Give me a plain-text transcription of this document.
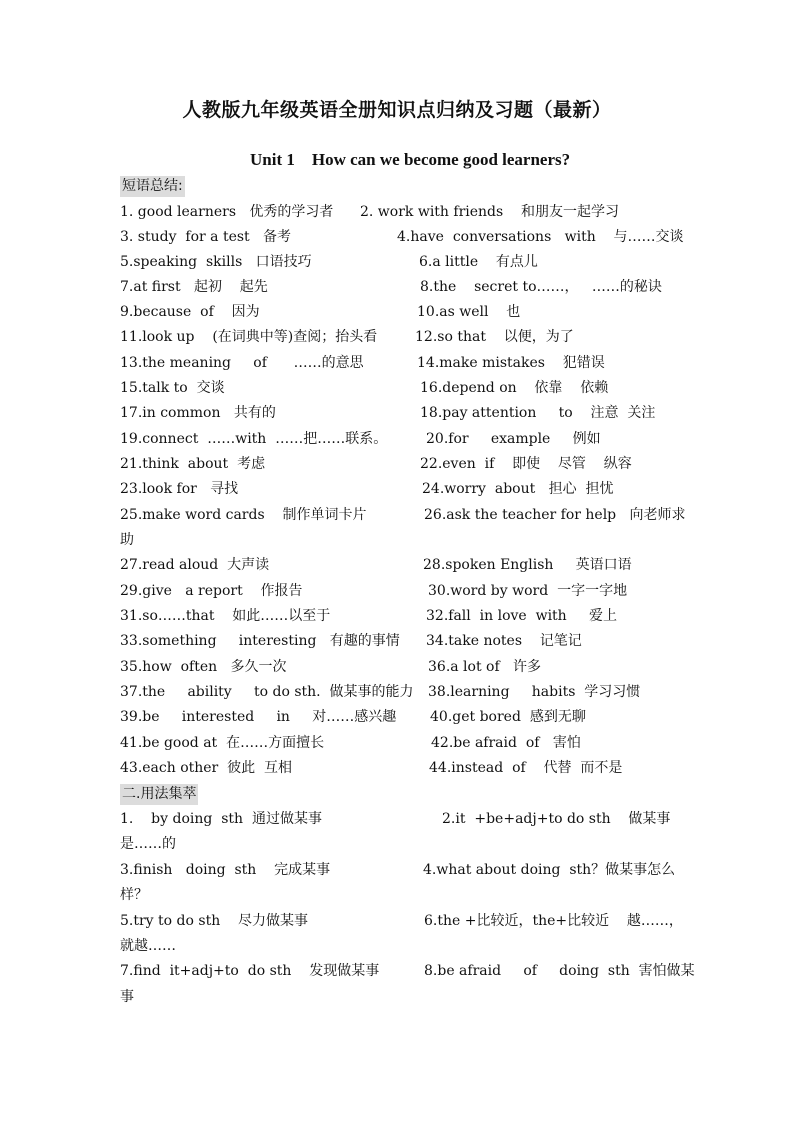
人教版九年级英语全册知识点归纳及习题（最新）
Unit 1    How can we become good learners?
短语总结:
1. good learners   优秀的学习者 2. work with friends    和朋友一起学习
3. study  for a test   备考	4.have  conversations   with    与……交谈
5.speaking  skills   口语技巧	6.a little    有点儿
7.at first   起初    起先	8.the    secret to……，   ……的秘诀
9.because  of    因为	10.as well    也
11.look up    (在词典中等)查阅；抬头看	12.so that    以便，为了
13.the meaning     of      ……的意思	14.make mistakes    犯错误
15.talk to  交谈	16.depend on    依靠    依赖
17.in common   共有的	18.pay attention     to    注意  关注
19.connect  ……with  ……把……联系。	20.for     example     例如
21.think  about  考虑	22.even  if    即使    尽管    纵容
23.look for   寻找	24.worry  about   担心  担忧
25.make word cards    制作单词卡片	26.ask the teacher for help   向老师求
助
27.read aloud  大声读	28.spoken English     英语口语
29.give   a report    作报告	30.word by word  一字一字地
31.so……that    如此……以至于	32.fall  in love  with     爱上
33.something     interesting   有趣的事情 34.take notes    记笔记
35.how  often   多久一次	36.a lot of   许多
37.the     ability     to do sth.  做某事的能力 38.learning     habits  学习习惯
39.be     interested     in     对……感兴趣 40.get bored  感到无聊
41.be good at  在……方面擅长	42.be afraid  of   害怕
43.each other  彼此  互相	44.instead  of    代替  而不是
二.用法集萃
1.    by doing  sth  通过做某事	2.it  +be+adj+to do sth    做某事
是……的
3.finish   doing  sth    完成某事	4.what about doing  sth？做某事怎么
样？
5.try to do sth    尽力做某事	6.the +比较近，the+比较近    越……，
就越……
7.find  it+adj+to  do sth    发现做某事	8.be afraid     of     doing  sth  害怕做某
事
